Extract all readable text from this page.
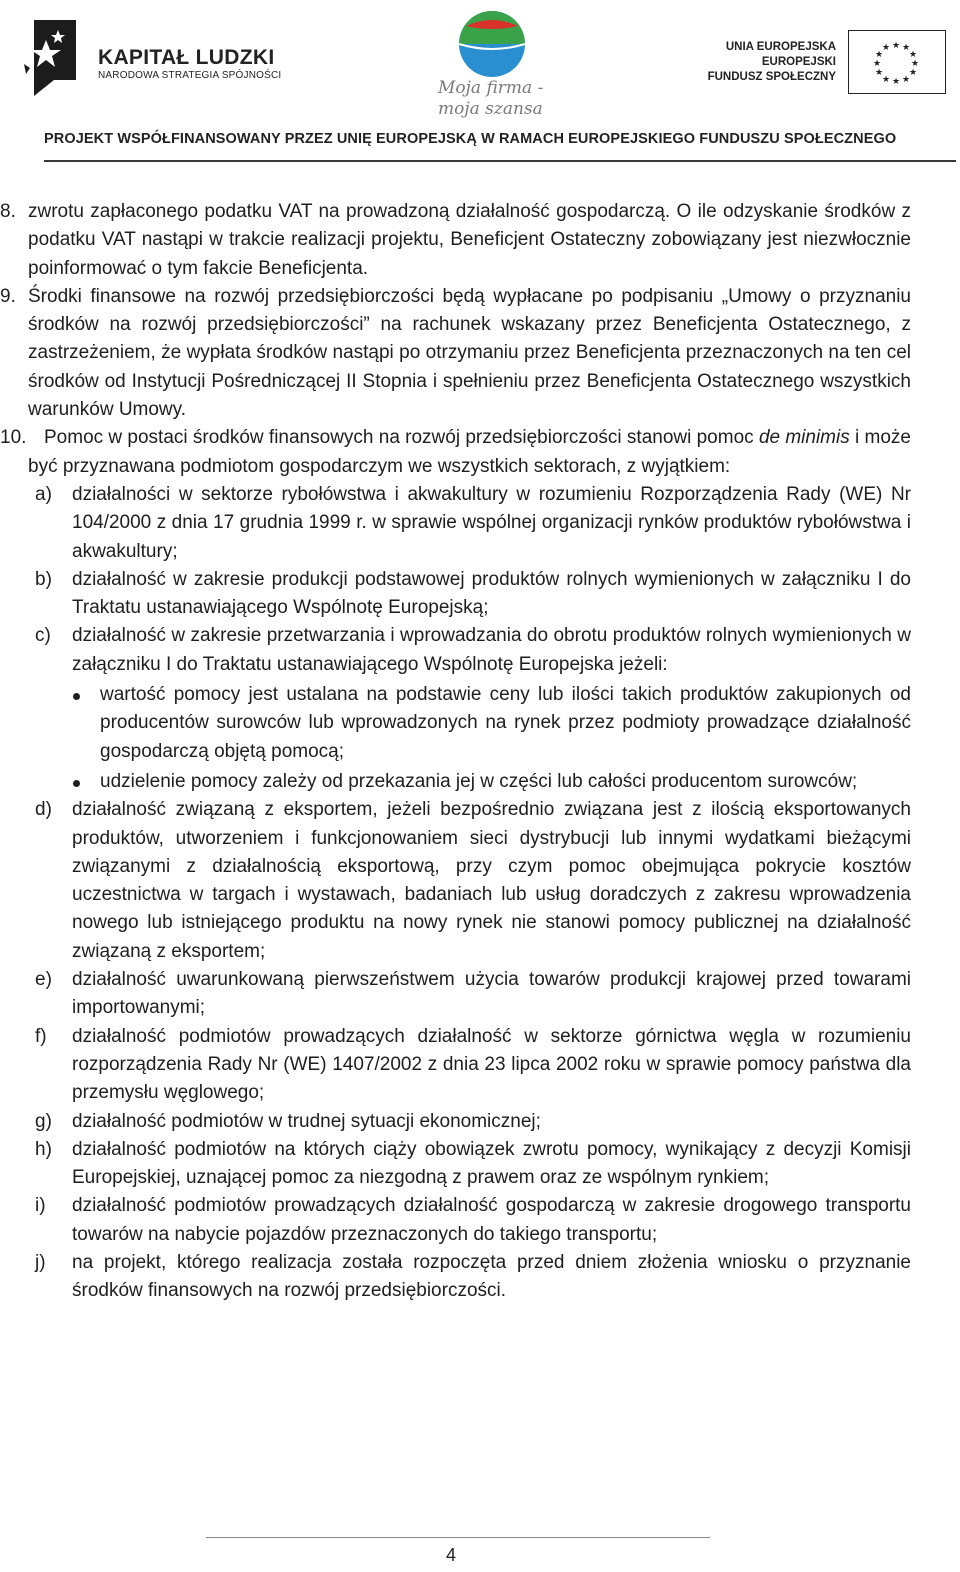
KAPITAŁ LUDZKI
NARODOWA STRATEGIA SPÓJNOŚCI
Moja firma -
moja szansa
UNIA EUROPEJSKA
EUROPEJSKI
FUNDUSZ SPOŁECZNY
★ ★
★
★
★
★
★
★
★
★
★
★
PROJEKT WSPÓŁFINANSOWANY PRZEZ UNIĘ EUROPEJSKĄ W RAMACH EUROPEJSKIEGO FUNDUSZU SPOŁECZNEGO
8. zwrotu zapłaconego podatku VAT na prowadzoną działalność gospodarczą. O ile odzyskanie środków z podatku VAT nastąpi w trakcie realizacji projektu, Beneficjent Ostateczny zobowiązany jest niezwłocznie poinformować o tym fakcie Beneficjenta.
9. Środki finansowe na rozwój przedsiębiorczości będą wypłacane po podpisaniu „Umowy o przyznaniu środków na rozwój przedsiębiorczości” na rachunek wskazany przez Beneficjenta Ostatecznego, z zastrzeżeniem, że wypłata środków nastąpi po otrzymaniu przez Beneficjenta przeznaczonych na ten cel środków od Instytucji Pośredniczącej II Stopnia i spełnieniu przez Beneficjenta Ostatecznego wszystkich warunków Umowy.
10. Pomoc w postaci środków finansowych na rozwój przedsiębiorczości stanowi pomoc de minimis i może być przyznawana podmiotom gospodarczym we wszystkich sektorach, z wyjątkiem:
a) działalności w sektorze rybołówstwa i akwakultury w rozumieniu Rozporządzenia Rady (WE) Nr 104/2000 z dnia 17 grudnia 1999 r. w sprawie wspólnej organizacji rynków produktów rybołówstwa i akwakultury;
b) działalność w zakresie produkcji podstawowej produktów rolnych wymienionych w załączniku I do Traktatu ustanawiającego Wspólnotę Europejską;
c) działalność w zakresie przetwarzania i wprowadzania do obrotu produktów rolnych wymienionych w załączniku I do Traktatu ustanawiającego Wspólnotę Europejska jeżeli:
wartość pomocy jest ustalana na podstawie ceny lub ilości takich produktów zakupionych od producentów surowców lub wprowadzonych na rynek przez podmioty prowadzące działalność gospodarczą objętą pomocą;
udzielenie pomocy zależy od przekazania jej w części lub całości producentom surowców;
d) działalność związaną z eksportem, jeżeli bezpośrednio związana jest z ilością eksportowanych produktów, utworzeniem i funkcjonowaniem sieci dystrybucji lub innymi wydatkami bieżącymi związanymi z działalnością eksportową, przy czym pomoc obejmująca pokrycie kosztów uczestnictwa w targach i wystawach, badaniach lub usług doradczych z zakresu wprowadzenia nowego lub istniejącego produktu na nowy rynek nie stanowi pomocy publicznej na działalność związaną z eksportem;
e) działalność uwarunkowaną pierwszeństwem użycia towarów produkcji krajowej przed towarami importowanymi;
f) działalność podmiotów prowadzących działalność w sektorze górnictwa węgla w rozumieniu rozporządzenia Rady Nr (WE) 1407/2002 z dnia 23 lipca 2002 roku w sprawie pomocy państwa dla przemysłu węglowego;
g) działalność podmiotów w trudnej sytuacji ekonomicznej;
h) działalność podmiotów na których ciąży obowiązek zwrotu pomocy, wynikający z decyzji Komisji Europejskiej, uznającej pomoc za niezgodną z prawem oraz ze wspólnym rynkiem;
i) działalność podmiotów prowadzących działalność gospodarczą w zakresie drogowego transportu towarów na nabycie pojazdów przeznaczonych do takiego transportu;
j) na projekt, którego realizacja została rozpoczęta przed dniem złożenia wniosku o przyznanie środków finansowych na rozwój przedsiębiorczości.
4
